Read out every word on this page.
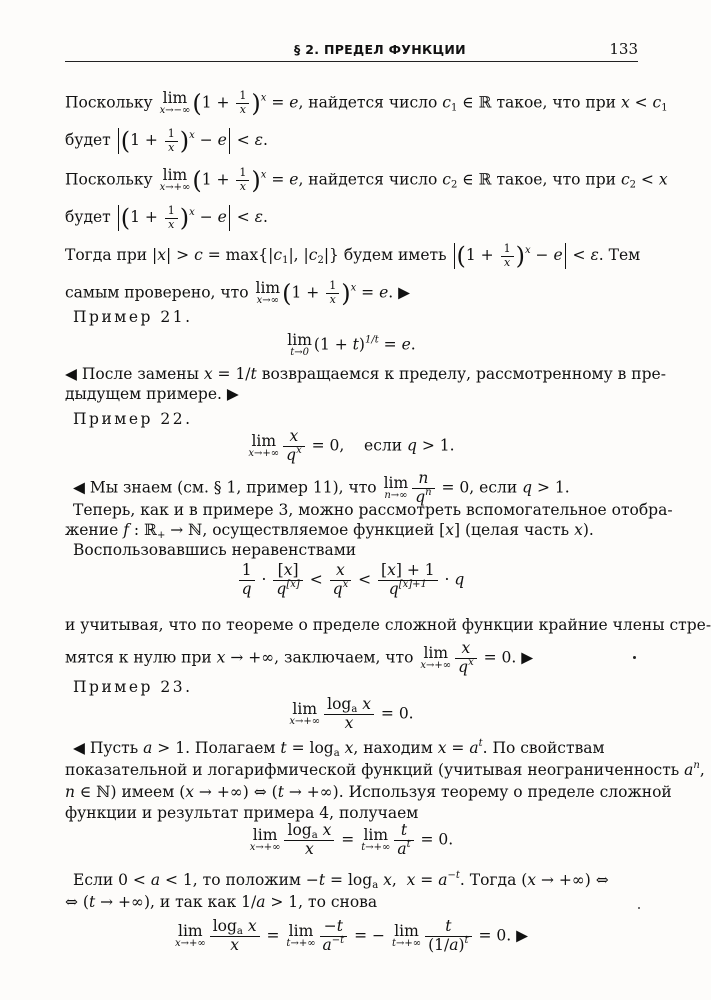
§ 2. ПРЕДЕЛ ФУНКЦИИ	133
Поскольку lim
x→−∞ $(1 + \frac{1}{x} )^x = e$, найдется число $c_1$ ∈ ℝ такое, что при $x < c_1$
будет $(1 + \frac{1}{x} )^x - e < \varepsilon$.
Поскольку lim
x→+∞ $(1 + \frac{1}{x} )^x = e$, найдется число $c_2$ ∈ ℝ такое, что при $c_2 < x$
будет $(1 + \frac{1}{x} )^x - e < \varepsilon$.
Тогда при $|x| > c = \max\{|c_1|$, $|c_2|$} будем иметь $(1 + \frac{1}{x} )^x - e < \varepsilon$. Тем
самым проверено, что lim
x→∞ $(1 + \frac{1}{x} )^x = e$. ▶
Пример 21.
lim
t→0 $(1 + t)^{1/t} = e$.
◀ После замены x = 1/t возвращаемся к пределу, рассмотренному в пре-
дыдущем примере. ▶
Пример 22.
lim
$x\to+\infty \frac{x}{q^x} = 0$,    если q > 1.
◀ Мы знаем (см. § 1, пример 11), что lim
$n\to\infty \frac{n}{q^n} = 0$, если q > 1.
Теперь, как и в примере 3, можно рассмотреть вспомогательное отобра-
жение f : ℝ$_+$ → ℕ, осуществляемое функцией [x] (целая часть x).
Воспользовавшись неравенствами
$\frac{1}{q} \cdot \frac{[x]}{q^{[x]}} < \frac{x}{q^x} < \frac{[x] + 1}{q^{[x]+1}} \cdot q$
и учитывая, что по теореме о пределе сложной функции крайние члены стре-
мятся к нулю при x → +∞, заключаем, что lim
$x\to+\infty \frac{x}{q^x} = 0$. ▶
Пример 23.
lim
$x\to+\infty \frac{\log_a x}{x} = 0$.
◀ Пусть a > 1. Полагаем $t = \log_a x$, находим $x = a^t$. По свойствам
показательной и логарифмической функций (учитывая неограниченность $a^n$,
n ∈ ℕ) имеем (x → +∞) ⇔ (t → +∞). Используя теорему о пределе сложной
функции и результат примера 4, получаем
lim
$x\to+\infty \frac{\log_a x}{x} = \lim$
$t\to+\infty \frac{t}{a^t} = 0$.
Если 0 < a < 1, то положим $-t = \log_a x$,  $x = a^{-t}$. Тогда (x → +∞) ⇔
⇔ (t → +∞), и так как 1/a > 1, то снова
lim
$x\to+\infty \frac{\log_a x}{x} = \lim$
$t\to+\infty \frac{-t}{a^{-t}}$ = − lim
$t\to+\infty \frac{t}{(1/a)^t} = 0$. ▶
